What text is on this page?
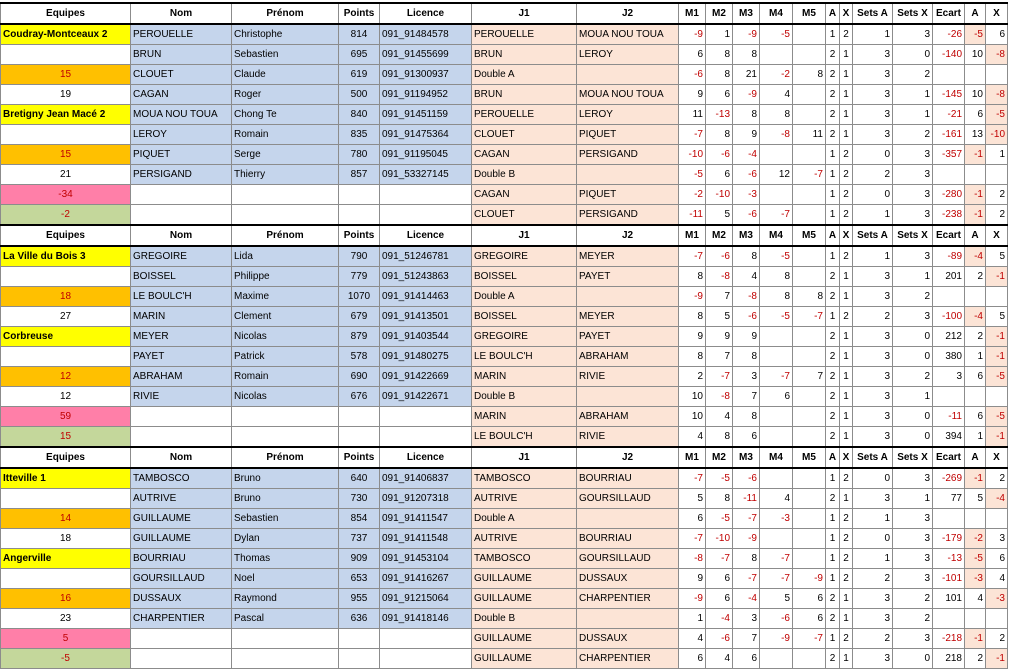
Equipes	Nom	Prénom	Points	Licence	J1	J2	M1	M2	M3	M4	M5	A	X	Sets A	Sets X	Ecart	A	X
Coudray-Montceaux 2	PEROUELLE	Christophe	814	091_91484578	PEROUELLE	MOUA NOU TOUA	-9	1	-9	-5		1	2	1	3	-26	-5	6
	BRUN	Sebastien	695	091_91455699	BRUN	LEROY	6	8	8			2	1	3	0	-140	10	-8
15	CLOUET	Claude	619	091_91300937	Double A		-6	8	21	-2	8	2	1	3	2			
19	CAGAN	Roger	500	091_91194952	BRUN	MOUA NOU TOUA	9	6	-9	4		2	1	3	1	-145	10	-8
Bretigny Jean Macé 2	MOUA NOU TOUA	Chong Te	840	091_91451159	PEROUELLE	LEROY	11	-13	8	8		2	1	3	1	-21	6	-5
	LEROY	Romain	835	091_91475364	CLOUET	PIQUET	-7	8	9	-8	11	2	1	3	2	-161	13	-10
15	PIQUET	Serge	780	091_91195045	CAGAN	PERSIGAND	-10	-6	-4			1	2	0	3	-357	-1	1
21	PERSIGAND	Thierry	857	091_53327145	Double B		-5	6	-6	12	-7	1	2	2	3			
-34					CAGAN	PIQUET	-2	-10	-3			1	2	0	3	-280	-1	2
-2					CLOUET	PERSIGAND	-11	5	-6	-7		1	2	1	3	-238	-1	2
Equipes	Nom	Prénom	Points	Licence	J1	J2	M1	M2	M3	M4	M5	A	X	Sets A	Sets X	Ecart	A	X
La Ville du Bois 3	GREGOIRE	Lida	790	091_51246781	GREGOIRE	MEYER	-7	-6	8	-5		1	2	1	3	-89	-4	5
	BOISSEL	Philippe	779	091_51243863	BOISSEL	PAYET	8	-8	4	8		2	1	3	1	201	2	-1
18	LE BOULC'H	Maxime	1070	091_91414463	Double A		-9	7	-8	8	8	2	1	3	2			
27	MARIN	Clement	679	091_91413501	BOISSEL	MEYER	8	5	-6	-5	-7	1	2	2	3	-100	-4	5
Corbreuse	MEYER	Nicolas	879	091_91403544	GREGOIRE	PAYET	9	9	9			2	1	3	0	212	2	-1
	PAYET	Patrick	578	091_91480275	LE BOULC'H	ABRAHAM	8	7	8			2	1	3	0	380	1	-1
12	ABRAHAM	Romain	690	091_91422669	MARIN	RIVIE	2	-7	3	-7	7	2	1	3	2	3	6	-5
12	RIVIE	Nicolas	676	091_91422671	Double B		10	-8	7	6		2	1	3	1			
59					MARIN	ABRAHAM	10	4	8			2	1	3	0	-11	6	-5
15					LE BOULC'H	RIVIE	4	8	6			2	1	3	0	394	1	-1
Equipes	Nom	Prénom	Points	Licence	J1	J2	M1	M2	M3	M4	M5	A	X	Sets A	Sets X	Ecart	A	X
Itteville 1	TAMBOSCO	Bruno	640	091_91406837	TAMBOSCO	BOURRIAU	-7	-5	-6			1	2	0	3	-269	-1	2
	AUTRIVE	Bruno	730	091_91207318	AUTRIVE	GOURSILLAUD	5	8	-11	4		2	1	3	1	77	5	-4
14	GUILLAUME	Sebastien	854	091_91411547	Double A		6	-5	-7	-3		1	2	1	3			
18	GUILLAUME	Dylan	737	091_91411548	AUTRIVE	BOURRIAU	-7	-10	-9			1	2	0	3	-179	-2	3
Angerville	BOURRIAU	Thomas	909	091_91453104	TAMBOSCO	GOURSILLAUD	-8	-7	8	-7		1	2	1	3	-13	-5	6
	GOURSILLAUD	Noel	653	091_91416267	GUILLAUME	DUSSAUX	9	6	-7	-7	-9	1	2	2	3	-101	-3	4
16	DUSSAUX	Raymond	955	091_91215064	GUILLAUME	CHARPENTIER	-9	6	-4	5	6	2	1	3	2	101	4	-3
23	CHARPENTIER	Pascal	636	091_91418146	Double B		1	-4	3	-6	6	2	1	3	2			
5					GUILLAUME	DUSSAUX	4	-6	7	-9	-7	1	2	2	3	-218	-1	2
-5					GUILLAUME	CHARPENTIER	6	4	6			2	1	3	0	218	2	-1
